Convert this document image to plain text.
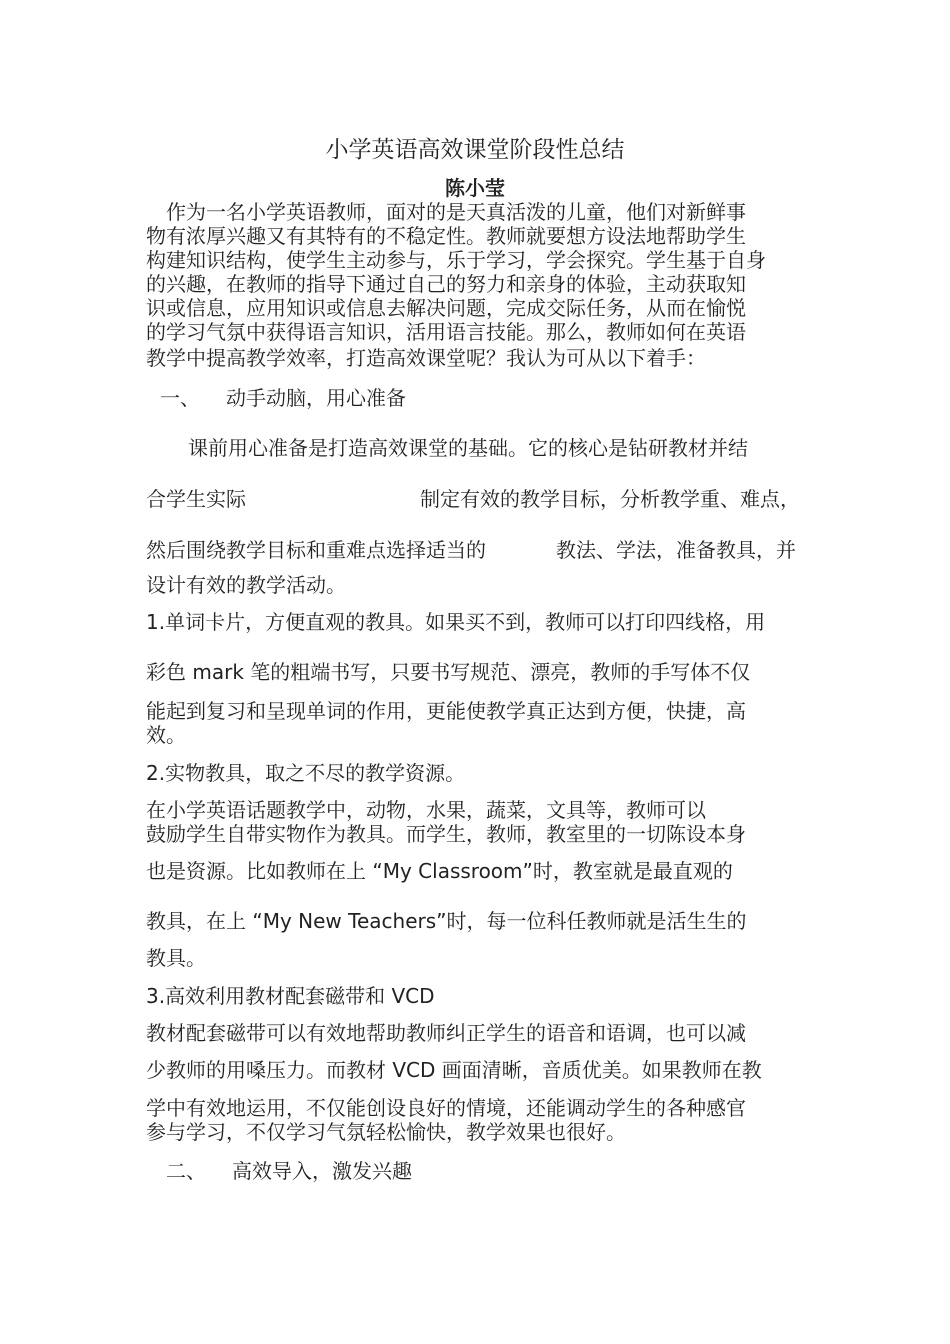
小学英语高效课堂阶段性总结
陈小莹
　作为一名小学英语教师，面对的是天真活泼的儿童，他们对新鲜事
物有浓厚兴趣又有其特有的不稳定性。教师就要想方设法地帮助学生
构建知识结构，使学生主动参与，乐于学习，学会探究。学生基于自身
的兴趣，在教师的指导下通过自己的努力和亲身的体验，主动获取知
识或信息，应用知识或信息去解决问题，完成交际任务，从而在愉悦
的学习气氛中获得语言知识，活用语言技能。那么，教师如何在英语
教学中提高教学效率，打造高效课堂呢？我认为可从以下着手：
一、 动手动脑，用心准备
课前用心准备是打造高效课堂的基础。它的核心是钻研教材并结
合学生实际	制定有效的教学目标，分析教学重、难点，
然后围绕教学目标和重难点选择适当的	教法、学法，准备教具，并
设计有效的教学活动。
1.单词卡片，方便直观的教具。如果买不到，教师可以打印四线格，用
彩色 mark 笔的粗端书写，只要书写规范、漂亮，教师的手写体不仅
能起到复习和呈现单词的作用，更能使教学真正达到方便，快捷，高
效。
2.实物教具，取之不尽的教学资源。
在小学英语话题教学中，动物，水果，蔬菜，文具等，教师可以
鼓励学生自带实物作为教具。而学生，教师，教室里的一切陈设本身
也是资源。比如教师在上 “My Classroom”时，教室就是最直观的
教具，在上 “My New Teachers”时，每一位科任教师就是活生生的
教具。
3.高效利用教材配套磁带和 VCD
教材配套磁带可以有效地帮助教师纠正学生的语音和语调，也可以减
少教师的用嗓压力。而教材 VCD 画面清晰，音质优美。如果教师在教
学中有效地运用，不仅能创设良好的情境，还能调动学生的各种感官
参与学习，不仅学习气氛轻松愉快，教学效果也很好。
二、 高效导入，激发兴趣
